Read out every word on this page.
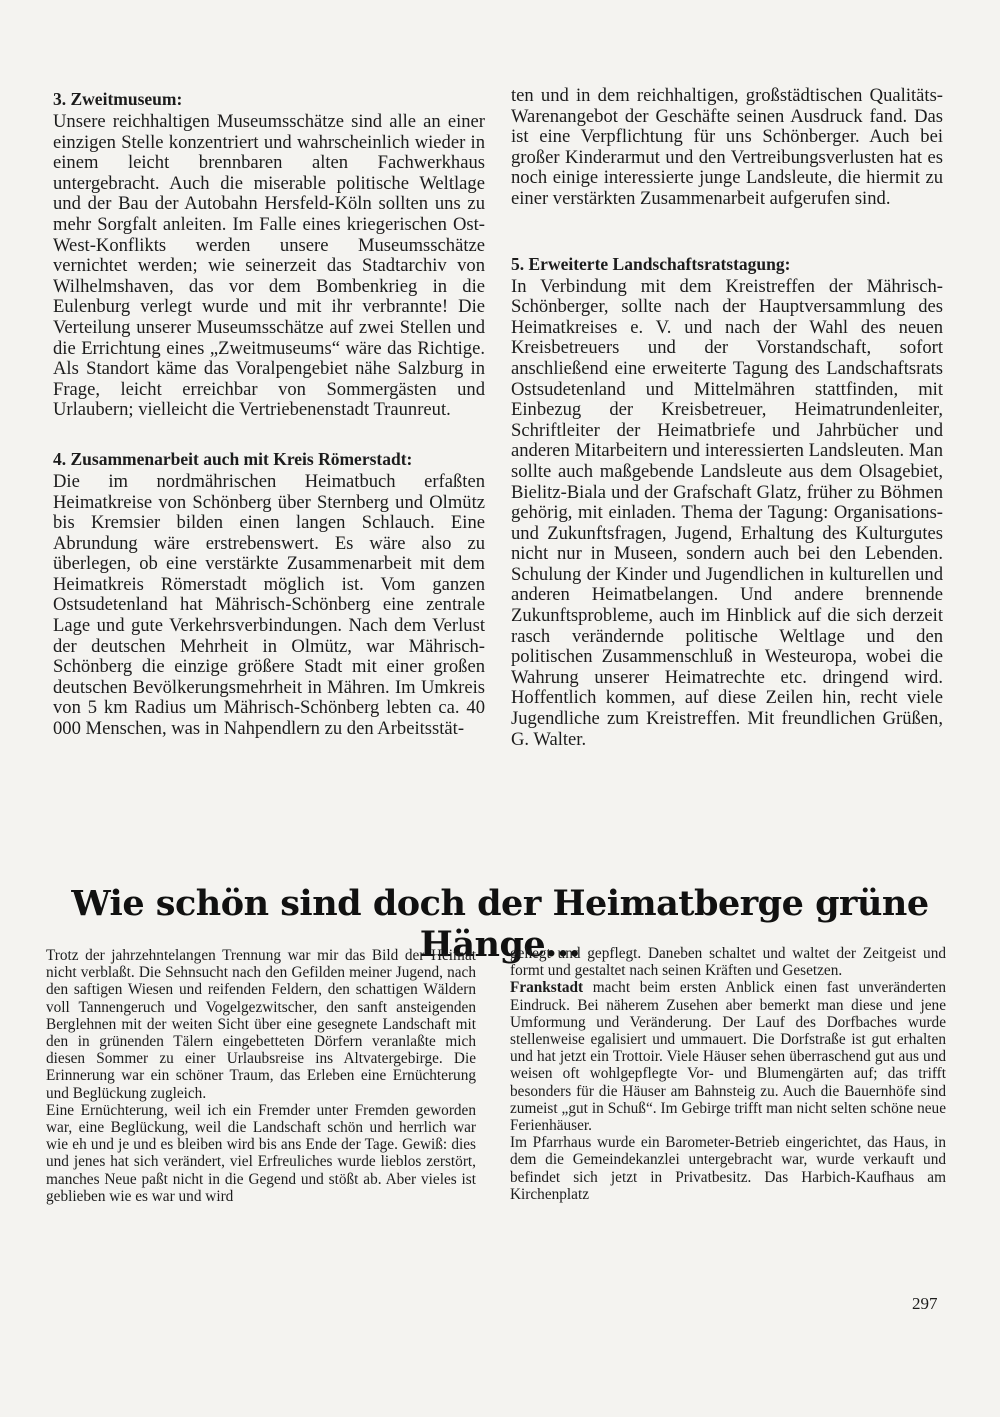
3. Zweitmuseum:

Unsere reichhaltigen Museumsschätze sind alle an einer einzigen Stelle konzentriert und wahrscheinlich wieder in einem leicht brennbaren alten Fachwerkhaus untergebracht. Auch die miserable politische Weltlage und der Bau der Autobahn Hersfeld-Köln sollten uns zu mehr Sorgfalt anleiten. Im Falle eines kriegerischen Ost-West-Konflikts werden unsere Museumsschätze vernichtet werden; wie seinerzeit das Stadtarchiv von Wilhelmshaven, das vor dem Bombenkrieg in die Eulenburg verlegt wurde und mit ihr verbrannte! Die Verteilung unserer Museumsschätze auf zwei Stellen und die Errichtung eines „Zweitmuseums“ wäre das Richtige. Als Standort käme das Voralpengebiet nähe Salzburg in Frage, leicht erreichbar von Sommergästen und Urlaubern; vielleicht die Vertriebenenstadt Traunreut.

4. Zusammenarbeit auch mit Kreis Römerstadt:

Die im nordmährischen Heimatbuch erfaßten Heimatkreise von Schönberg über Sternberg und Olmütz bis Kremsier bilden einen langen Schlauch. Eine Abrundung wäre erstrebenswert. Es wäre also zu überlegen, ob eine verstärkte Zusammenarbeit mit dem Heimatkreis Römerstadt möglich ist. Vom ganzen Ostsudetenland hat Mährisch-Schönberg eine zentrale Lage und gute Verkehrsverbindungen. Nach dem Verlust der deutschen Mehrheit in Olmütz, war Mährisch-Schönberg die einzige größere Stadt mit einer großen deutschen Bevölkerungsmehrheit in Mähren. Im Umkreis von 5 km Radius um Mährisch-Schönberg lebten ca. 40 000 Menschen, was in Nahpendlern zu den Arbeitsstät-

ten und in dem reichhaltigen, großstädtischen Qualitäts-Warenangebot der Geschäfte seinen Ausdruck fand. Das ist eine Verpflichtung für uns Schönberger. Auch bei großer Kinderarmut und den Vertreibungsverlusten hat es noch einige interessierte junge Landsleute, die hiermit zu einer verstärkten Zusammenarbeit aufgerufen sind.

5. Erweiterte Landschaftsratstagung:

In Verbindung mit dem Kreistreffen der Mährisch-Schönberger, sollte nach der Hauptversammlung des Heimatkreises e. V. und nach der Wahl des neuen Kreisbetreuers und der Vorstandschaft, sofort anschließend eine erweiterte Tagung des Landschaftsrats Ostsudetenland und Mittelmähren stattfinden, mit Einbezug der Kreisbetreuer, Heimatrundenleiter, Schriftleiter der Heimatbriefe und Jahrbücher und anderen Mitarbeitern und interessierten Landsleuten. Man sollte auch maßgebende Landsleute aus dem Olsagebiet, Bielitz-Biala und der Grafschaft Glatz, früher zu Böhmen gehörig, mit einladen. Thema der Tagung: Organisations- und Zukunftsfragen, Jugend, Erhaltung des Kulturgutes nicht nur in Museen, sondern auch bei den Lebenden. Schulung der Kinder und Jugendlichen in kulturellen und anderen Heimatbelangen. Und andere brennende Zukunftsprobleme, auch im Hinblick auf die sich derzeit rasch verändernde politische Weltlage und den politischen Zusammenschluß in Westeuropa, wobei die Wahrung unserer Heimatrechte etc. dringend wird. Hoffentlich kommen, auf diese Zeilen hin, recht viele Jugendliche zum Kreistreffen. Mit freundlichen Grüßen, G. Walter.

Wie schön sind doch der Heimatberge grüne Hänge...

Trotz der jahrzehntelangen Trennung war mir das Bild der Heimat nicht verblaßt. Die Sehnsucht nach den Gefilden meiner Jugend, nach den saftigen Wiesen und reifenden Feldern, den schattigen Wäldern voll Tannengeruch und Vogelgezwitscher, den sanft ansteigenden Berglehnen mit der weiten Sicht über eine gesegnete Landschaft mit den in grünenden Tälern eingebetteten Dörfern veranlaßte mich diesen Sommer zu einer Urlaubsreise ins Altvatergebirge. Die Erinnerung war ein schöner Traum, das Erleben eine Ernüchterung und Beglückung zugleich.

Eine Ernüchterung, weil ich ein Fremder unter Fremden geworden war, eine Beglückung, weil die Landschaft schön und herrlich war wie eh und je und es bleiben wird bis ans Ende der Tage. Gewiß: dies und jenes hat sich verändert, viel Erfreuliches wurde lieblos zerstört, manches Neue paßt nicht in die Gegend und stößt ab. Aber vieles ist geblieben wie es war und wird

gehegt und gepflegt. Daneben schaltet und waltet der Zeitgeist und formt und gestaltet nach seinen Kräften und Gesetzen.

Frankstadt macht beim ersten Anblick einen fast unveränderten Eindruck. Bei näherem Zusehen aber bemerkt man diese und jene Umformung und Veränderung. Der Lauf des Dorfbaches wurde stellenweise egalisiert und ummauert. Die Dorfstraße ist gut erhalten und hat jetzt ein Trottoir. Viele Häuser sehen überraschend gut aus und weisen oft wohlgepflegte Vor- und Blumengärten auf; das trifft besonders für die Häuser am Bahnsteig zu. Auch die Bauernhöfe sind zumeist „gut in Schuß“. Im Gebirge trifft man nicht selten schöne neue Ferienhäuser.

Im Pfarrhaus wurde ein Barometer-Betrieb eingerichtet, das Haus, in dem die Gemeindekanzlei untergebracht war, wurde verkauft und befindet sich jetzt in Privatbesitz. Das Harbich-Kaufhaus am Kirchenplatz

297
